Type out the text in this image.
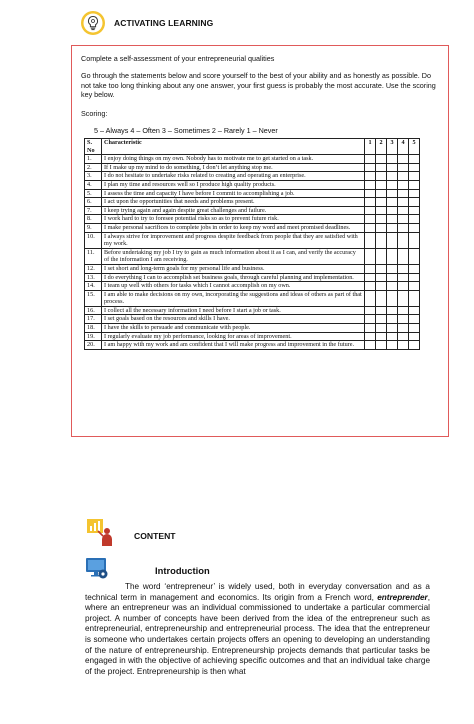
ACTIVATING LEARNING

Complete a self-assessment of your entrepreneurial qualities

Go through the statements below and score yourself to the best of your ability and as honestly as possible. Do not take too long thinking about any one answer, your first guess is probably the most accurate. Use the scoring key below.

Scoring:

5 – Always 4 – Often 3 – Sometimes 2 – Rarely 1 – Never

S. No	Characteristic	1	2	3	4	5
1.	I enjoy doing things on my own. Nobody has to motivate me to get started on a task.					
2.	If I make up my mind to do something, I don’t let anything stop me.					
3.	I do not hesitate to undertake risks related to creating and operating an enterprise.					
4.	I plan my time and resources well so I produce high quality products.					
5.	I assess the time and capacity I have before I commit to accomplishing a job.					
6.	I act upon the opportunities that needs and problems present.					
7.	I keep trying again and again despite great challenges and failure.					
8.	I work hard to try to foresee potential risks so as to prevent future risk.					
9.	I make personal sacrifices to complete jobs in order to keep my word and meet promised deadlines.					
10.	I always strive for improvement and progress despite feedback from people that they are satisfied with my work.					
11.	Before undertaking my job I try to gain as much information about it as I can, and verify the accuracy of the information I am receiving.					
12.	I set short and long-term goals for my personal life and business.					
13.	I do everything I can to accomplish set business goals, through careful planning and implementation.					
14.	I team up well with others for tasks which I cannot accomplish on my own.					
15.	I am able to make decisions on my own, incorporating the suggestions and ideas of others as part of that process.					
16.	I collect all the necessary information I need before I start a job or task.					
17.	I set goals based on the resources and skills I have.					
18.	I have the skills to persuade and communicate with people.					
19.	I regularly evaluate my job performance, looking for areas of improvement.					
20.	I am happy with my work and am confident that I will make progress and improvement in the future.					
CONTENT
Introduction

The word ‘entrepreneur’ is widely used, both in everyday conversation and as a technical term in management and economics. Its origin from a French word, entreprender, where an entrepreneur was an individual commissioned to undertake a particular commercial project. A number of concepts have been derived from the idea of the entrepreneur such as entrepreneurial, entrepreneurship and entrepreneurial process. The idea that the entrepreneur is someone who undertakes certain projects offers an opening to developing an understanding of the nature of entrepreneurship. Entrepreneurship projects demands that particular tasks be engaged in with the objective of achieving specific outcomes and that an individual take charge of the project. Entrepreneurship is then what
